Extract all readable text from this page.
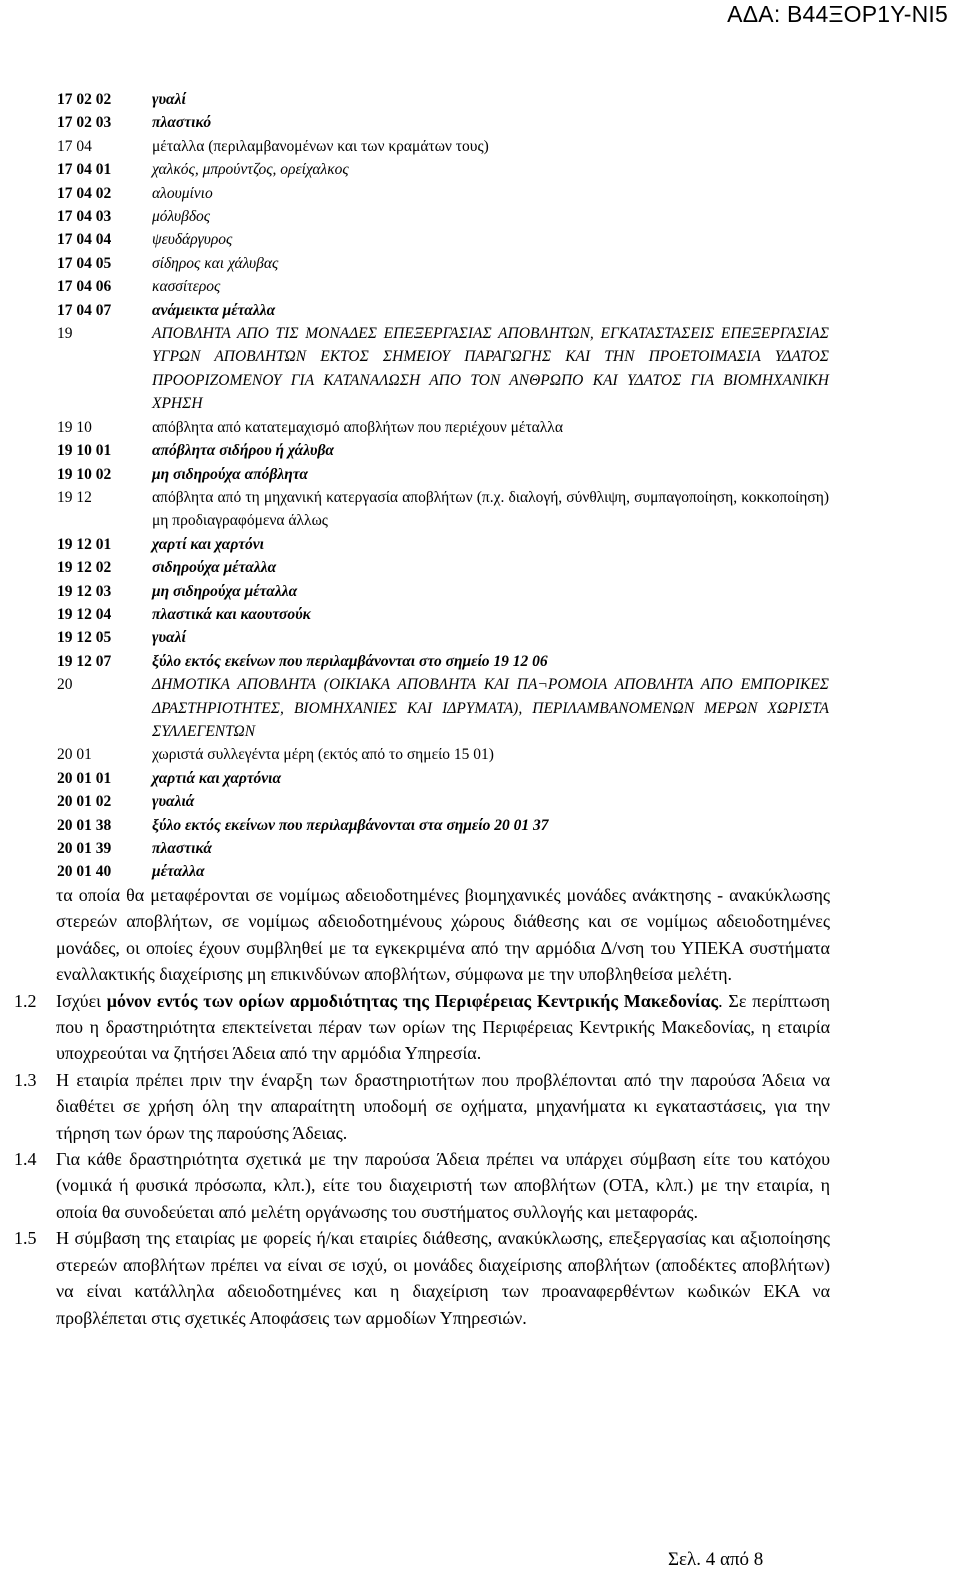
ΑΔΑ: Β44ΞΟΡ1Υ-ΝΙ5
17 02 02	γυαλί
17 02 03	πλαστικό
17 04	μέταλλα (περιλαμβανομένων και των κραμάτων τους)
17 04 01	χαλκός, μπρούντζος, ορείχαλκος
17 04 02	αλουμίνιο
17 04 03	μόλυβδος
17 04 04	ψευδάργυρος
17 04 05	σίδηρος και χάλυβας
17 04 06	κασσίτερος
17 04 07	ανάμεικτα μέταλλα
19	ΑΠΟΒΛΗΤΑ ΑΠΟ ΤΙΣ ΜΟΝΑΔΕΣ ΕΠΕΞΕΡΓΑΣΙΑΣ ΑΠΟΒΛΗΤΩΝ, ΕΓΚΑΤΑΣΤΑΣΕΙΣ ΕΠΕΞΕΡΓΑΣΙΑΣ ΥΓΡΩΝ ΑΠΟΒΛΗΤΩΝ ΕΚΤΟΣ ΣΗΜΕΙΟΥ ΠΑΡΑΓΩΓΗΣ ΚΑΙ ΤΗΝ ΠΡΟΕΤΟΙΜΑΣΙΑ ΥΔΑΤΟΣ ΠΡΟΟΡΙΖΟΜΕΝΟΥ ΓΙΑ ΚΑΤΑΝΑΛΩΣΗ ΑΠΟ ΤΟΝ ΑΝΘΡΩΠΟ ΚΑΙ ΥΔΑΤΟΣ ΓΙΑ ΒΙΟΜΗΧΑΝΙΚΗ ΧΡΗΣΗ
19 10	απόβλητα από κατατεμαχισμό αποβλήτων που περιέχουν μέταλλα
19 10 01	απόβλητα σιδήρου ή χάλυβα
19 10 02	μη σιδηρούχα απόβλητα
19 12	απόβλητα από τη μηχανική κατεργασία αποβλήτων (π.χ. διαλογή, σύνθλιψη, συμπαγοποίηση, κοκκοποίηση) μη προδιαγραφόμενα άλλως
19 12 01	χαρτί και χαρτόνι
19 12 02	σιδηρούχα μέταλλα
19 12 03	μη σιδηρούχα μέταλλα
19 12 04	πλαστικά και καουτσούκ
19 12 05	γυαλί
19 12 07	ξύλο εκτός εκείνων που περιλαμβάνονται στο σημείο 19 12 06
20	ΔΗΜΟΤΙΚΑ ΑΠΟΒΛΗΤΑ (ΟΙΚΙΑΚΑ ΑΠΟΒΛΗΤΑ ΚΑΙ ΠΑ¬ΡΟΜΟΙΑ ΑΠΟΒΛΗΤΑ ΑΠΟ ΕΜΠΟΡΙΚΕΣ ΔΡΑΣΤΗΡΙΟΤΗΤΕΣ, ΒΙΟΜΗΧΑΝΙΕΣ ΚΑΙ ΙΔΡΥΜΑΤΑ), ΠΕΡΙΛΑΜΒΑΝΟΜΕΝΩΝ ΜΕΡΩΝ ΧΩΡΙΣΤΑ ΣΥΛΛΕΓΕΝΤΩΝ
20 01	χωριστά συλλεγέντα μέρη (εκτός από το σημείο 15 01)
20 01 01	χαρτιά και χαρτόνια
20 01 02	γυαλιά
20 01 38	ξύλο εκτός εκείνων που περιλαμβάνονται στα σημείο 20 01 37
20 01 39	πλαστικά
20 01 40	μέταλλα
τα οποία θα μεταφέρονται σε νομίμως αδειοδοτημένες βιομηχανικές μονάδες ανάκτησης - ανακύκλωσης στερεών αποβλήτων, σε νομίμως αδειοδοτημένους χώρους διάθεσης και σε νομίμως αδειοδοτημένες μονάδες, οι οποίες έχουν συμβληθεί με τα εγκεκριμένα από την αρμόδια Δ/νση του ΥΠΕΚΑ συστήματα εναλλακτικής διαχείρισης μη επικινδύνων αποβλήτων, σύμφωνα με την υποβληθείσα μελέτη.
1.2	Ισχύει μόνον εντός των ορίων αρμοδιότητας της Περιφέρειας Κεντρικής Μακεδονίας. Σε περίπτωση που η δραστηριότητα επεκτείνεται πέραν των ορίων της Περιφέρειας Κεντρικής Μακεδονίας, η εταιρία υποχρεούται να ζητήσει Άδεια από την αρμόδια Υπηρεσία.
1.3	Η εταιρία πρέπει πριν την έναρξη των δραστηριοτήτων που προβλέπονται από την παρούσα Άδεια να διαθέτει σε χρήση όλη την απαραίτητη υποδομή σε οχήματα, μηχανήματα κι εγκαταστάσεις, για την τήρηση των όρων της παρούσης Άδειας.
1.4	Για κάθε δραστηριότητα σχετικά με την παρούσα Άδεια πρέπει να υπάρχει σύμβαση είτε του κατόχου (νομικά ή φυσικά πρόσωπα, κλπ.), είτε του διαχειριστή των αποβλήτων (ΟΤΑ, κλπ.) με την εταιρία, η οποία θα συνοδεύεται από μελέτη οργάνωσης του συστήματος συλλογής και μεταφοράς.
1.5	Η σύμβαση της εταιρίας με φορείς ή/και εταιρίες διάθεσης, ανακύκλωσης, επεξεργασίας και αξιοποίησης στερεών αποβλήτων πρέπει να είναι σε ισχύ, οι μονάδες διαχείρισης αποβλήτων (αποδέκτες αποβλήτων) να είναι κατάλληλα αδειοδοτημένες και η διαχείριση των προαναφερθέντων κωδικών ΕΚΑ να προβλέπεται στις σχετικές Αποφάσεις των αρμοδίων Υπηρεσιών.
Σελ. 4 από 8
